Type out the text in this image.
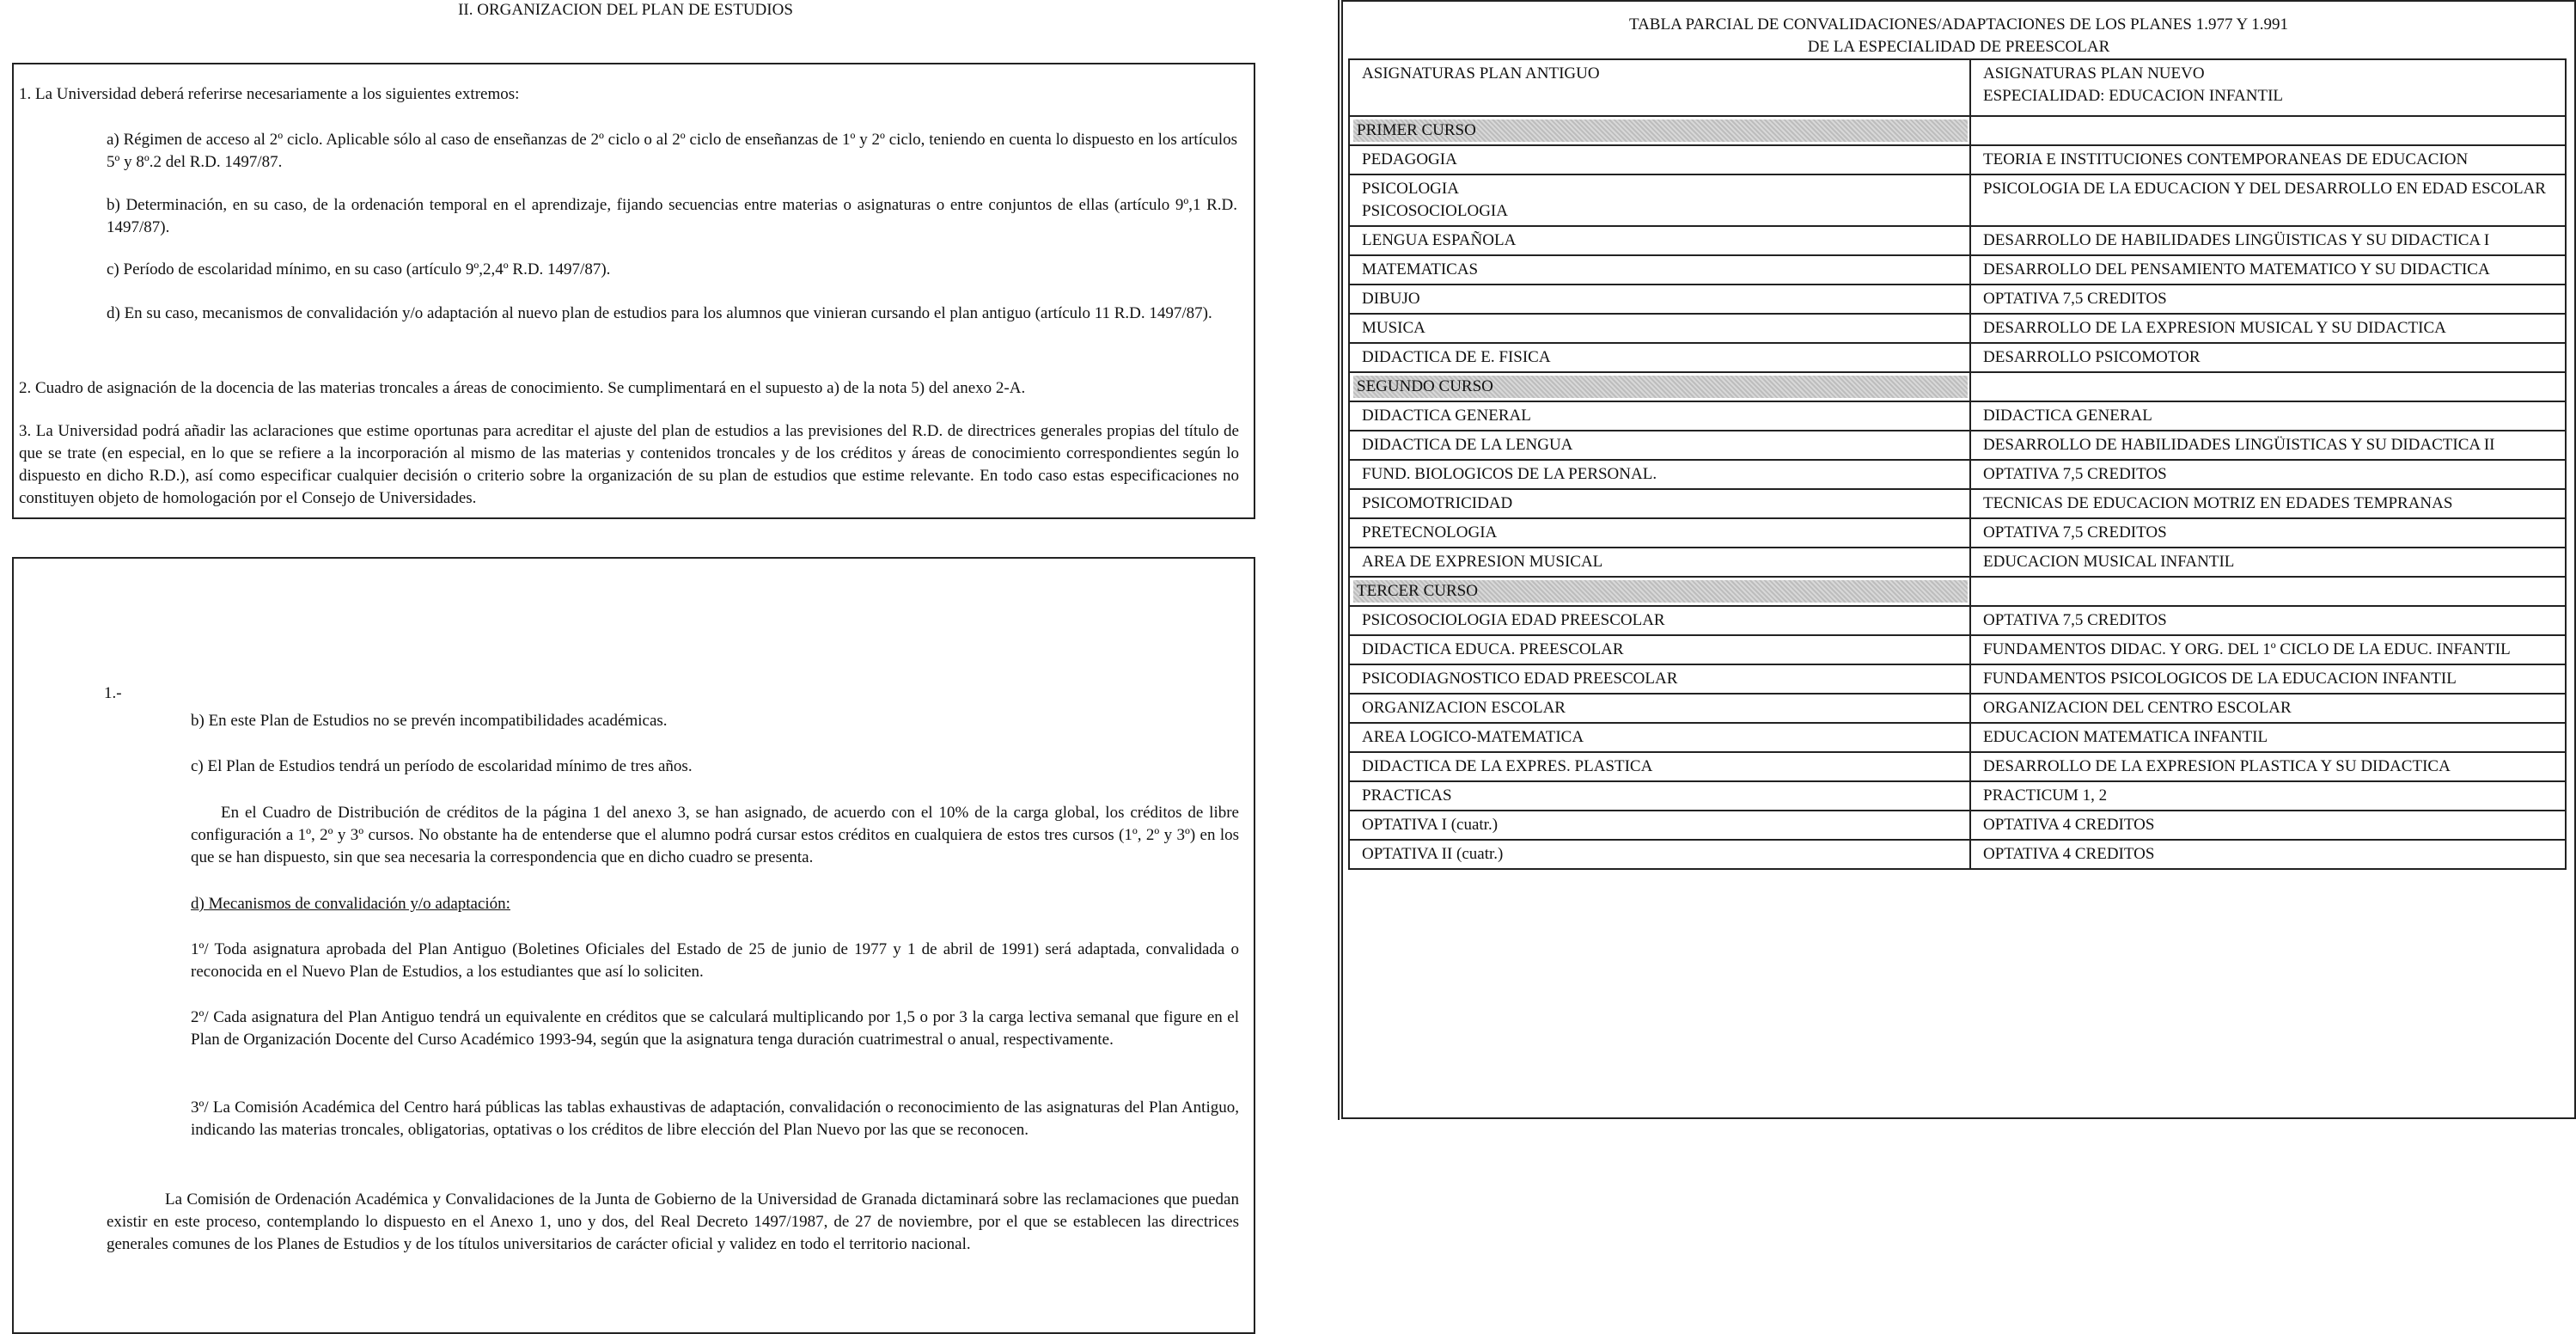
II. ORGANIZACION DEL PLAN DE ESTUDIOS

1. La Universidad deberá referirse necesariamente a los siguientes extremos:

a) Régimen de acceso al 2º ciclo. Aplicable sólo al caso de enseñanzas de 2º ciclo o al 2º ciclo de enseñanzas de 1º y 2º ciclo, teniendo en cuenta lo dispuesto en los artículos 5º y 8º.2 del R.D. 1497/87.

b) Determinación, en su caso, de la ordenación temporal en el aprendizaje, fijando secuencias entre materias o asignaturas o entre conjuntos de ellas (artículo 9º,1 R.D. 1497/87).

c) Período de escolaridad mínimo, en su caso (artículo 9º,2,4º R.D. 1497/87).

d) En su caso, mecanismos de convalidación y/o adaptación al nuevo plan de estudios para los alumnos que vinieran cursando el plan antiguo (artículo 11 R.D. 1497/87).

2. Cuadro de asignación de la docencia de las materias troncales a áreas de conocimiento. Se cumplimentará en el supuesto a) de la nota 5) del anexo 2-A.

3. La Universidad podrá añadir las aclaraciones que estime oportunas para acreditar el ajuste del plan de estudios a las previsiones del R.D. de directrices generales propias del título de que se trate (en especial, en lo que se refiere a la incorporación al mismo de las materias y contenidos troncales y de los créditos y áreas de conocimiento correspondientes según lo dispuesto en dicho R.D.), así como especificar cualquier decisión o criterio sobre la organización de su plan de estudios que estime relevante. En todo caso estas especificaciones no constituyen objeto de homologación por el Consejo de Universidades.

1.-

b) En este Plan de Estudios no se prevén incompatibilidades académicas.

c) El Plan de Estudios tendrá un período de escolaridad mínimo de tres años.

En el Cuadro de Distribución de créditos de la página 1 del anexo 3, se han asignado, de acuerdo con el 10% de la carga global, los créditos de libre configuración a 1º, 2º y 3º cursos. No obstante ha de entenderse que el alumno podrá cursar estos créditos en cualquiera de estos tres cursos (1º, 2º y 3º) en los que se han dispuesto, sin que sea necesaria la correspondencia que en dicho cuadro se presenta.

d) Mecanismos de convalidación y/o adaptación:

1º/ Toda asignatura aprobada del Plan Antiguo (Boletines Oficiales del Estado de 25 de junio de 1977 y 1 de abril de 1991) será adaptada, convalidada o reconocida en el Nuevo Plan de Estudios, a los estudiantes que así lo soliciten.

2º/ Cada asignatura del Plan Antiguo tendrá un equivalente en créditos que se calculará multiplicando por 1,5 o por 3 la carga lectiva semanal que figure en el Plan de Organización Docente del Curso Académico 1993-94, según que la asignatura tenga duración cuatrimestral o anual, respectivamente.

3º/ La Comisión Académica del Centro hará públicas las tablas exhaustivas de adaptación, convalidación o reconocimiento de las asignaturas del Plan Antiguo, indicando las materias troncales, obligatorias, optativas o los créditos de libre elección del Plan Nuevo por las que se reconocen.

La Comisión de Ordenación Académica y Convalidaciones de la Junta de Gobierno de la Universidad de Granada dictaminará sobre las reclamaciones que puedan existir en este proceso, contemplando lo dispuesto en el Anexo 1, uno y dos, del Real Decreto 1497/1987, de 27 de noviembre, por el que se establecen las directrices generales comunes de los Planes de Estudios y de los títulos universitarios de carácter oficial y validez en todo el territorio nacional.

TABLA PARCIAL DE CONVALIDACIONES/ADAPTACIONES DE LOS PLANES 1.977 Y 1.991
DE LA ESPECIALIDAD DE PREESCOLAR
ASIGNATURAS PLAN ANTIGUO	ASIGNATURAS PLAN NUEVO
ESPECIALIDAD: EDUCACION INFANTIL

PRIMER CURSO	

PEDAGOGIA	TEORIA E INSTITUCIONES CONTEMPORANEAS DE EDUCACION

PSICOLOGIA
PSICOSOCIOLOGIA	PSICOLOGIA DE LA EDUCACION Y DEL DESARROLLO EN EDAD ESCOLAR

LENGUA ESPAÑOLA	DESARROLLO DE HABILIDADES LINGÜISTICAS Y SU DIDACTICA I

MATEMATICAS	DESARROLLO DEL PENSAMIENTO MATEMATICO Y SU DIDACTICA

DIBUJO	OPTATIVA 7,5 CREDITOS

MUSICA	DESARROLLO DE LA EXPRESION MUSICAL Y SU DIDACTICA

DIDACTICA DE E. FISICA	DESARROLLO PSICOMOTOR
SEGUNDO CURSO	

DIDACTICA GENERAL	DIDACTICA GENERAL

DIDACTICA DE LA LENGUA	DESARROLLO DE HABILIDADES LINGÜISTICAS Y SU DIDACTICA II

FUND. BIOLOGICOS DE LA PERSONAL.	OPTATIVA 7,5 CREDITOS

PSICOMOTRICIDAD	TECNICAS DE EDUCACION MOTRIZ EN EDADES TEMPRANAS

PRETECNOLOGIA	OPTATIVA 7,5 CREDITOS

AREA DE EXPRESION MUSICAL	EDUCACION MUSICAL INFANTIL
TERCER CURSO	

PSICOSOCIOLOGIA EDAD PREESCOLAR	OPTATIVA 7,5 CREDITOS

DIDACTICA EDUCA. PREESCOLAR	FUNDAMENTOS DIDAC. Y ORG. DEL 1º CICLO DE LA EDUC. INFANTIL

PSICODIAGNOSTICO EDAD PREESCOLAR	FUNDAMENTOS PSICOLOGICOS DE LA EDUCACION INFANTIL

ORGANIZACION ESCOLAR	ORGANIZACION DEL CENTRO ESCOLAR

AREA LOGICO-MATEMATICA	EDUCACION MATEMATICA INFANTIL

DIDACTICA DE LA EXPRES. PLASTICA	DESARROLLO DE LA EXPRESION PLASTICA Y SU DIDACTICA

PRACTICAS	PRACTICUM 1, 2

OPTATIVA I (cuatr.)	OPTATIVA 4 CREDITOS

OPTATIVA II (cuatr.)	OPTATIVA 4 CREDITOS
